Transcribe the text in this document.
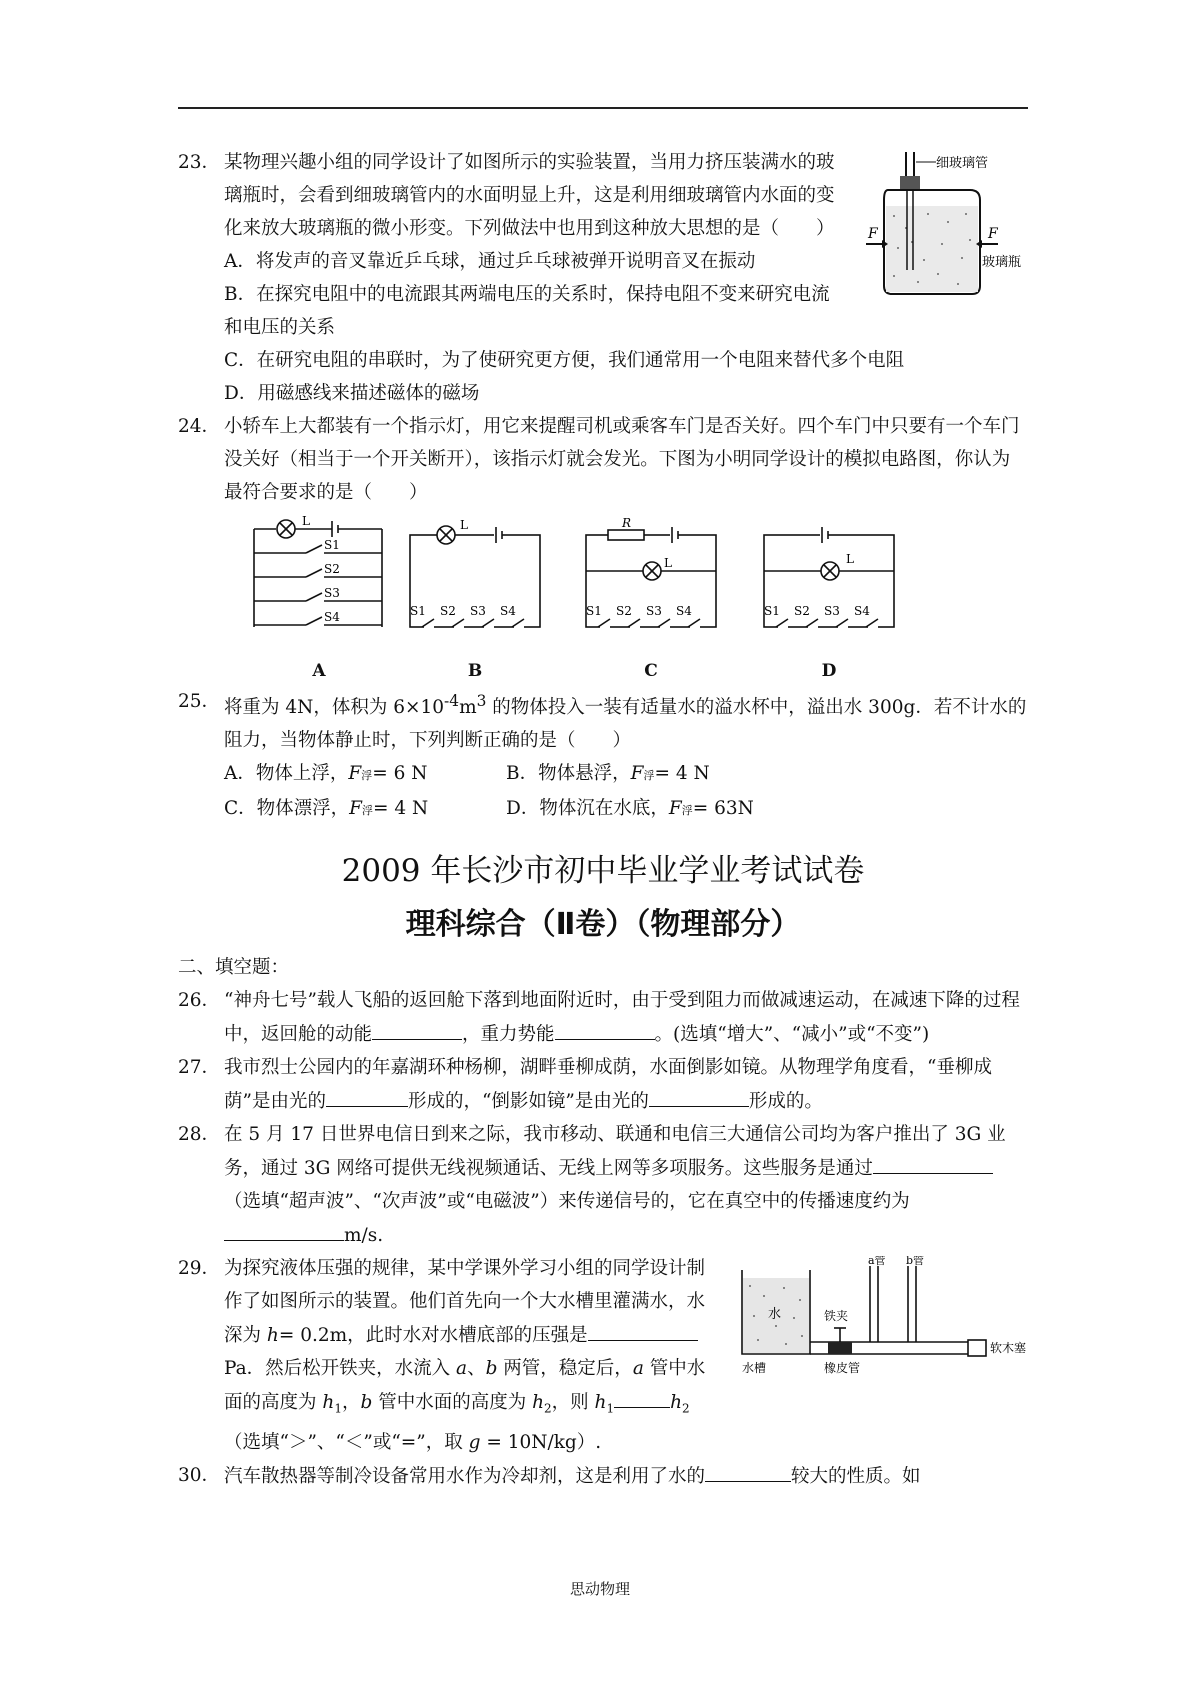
23．
F	F
细玻璃管
玻璃瓶
某物理兴趣小组的同学设计了如图所示的实验装置，当用力挤压装满水的玻璃瓶时，会看到细玻璃管内的水面明显上升，这是利用细玻璃管内水面的变化来放大玻璃瓶的微小形变。下列做法中也用到这种放大思想的是（　　）
A．将发声的音叉靠近乒乓球，通过乒乓球被弹开说明音叉在振动
B．在探究电阻中的电流跟其两端电压的关系时，保持电阻不变来研究电流和电压的关系
C．在研究电阻的串联时，为了使研究更方便，我们通常用一个电阻来替代多个电阻
D．用磁感线来描述磁体的磁场
24． 小轿车上大都装有一个指示灯，用它来提醒司机或乘客车门是否关好。四个车门中只要有一个车门没关好（相当于一个开关断开），该指示灯就会发光。下图为小明同学设计的模拟电路图，你认为最符合要求的是（　　）
L
S1
S2
S3
S4
A
L
S1 S2 S3 S4
B
R
L
S1 S2 S3 S4
C
L
S1 S2 S3 S4
D
25． 将重为 4N，体积为 $6\times 10^{-4}m^3$ 的物体投入一装有适量水的溢水杯中，溢出水 300g．若不计水的阻力，当物体静止时，下列判断正确的是（　　）
A．物体上浮，F浮= 6 N	B．物体悬浮，F浮= 4 N
C．物体漂浮，F浮= 4 N	D．物体沉在水底，F浮= 63N
2009 年长沙市初中毕业学业考试试卷
理科综合（Ⅱ卷）（物理部分）
二、填空题：
26． “神舟七号”载人飞船的返回舱下落到地面附近时，由于受到阻力而做减速运动，在减速下降的过程中，返回舱的动能	，重力势能	。(选填“增大”、“减小”或“不变”)
27． 我市烈士公园内的年嘉湖环种杨柳，湖畔垂柳成荫，水面倒影如镜。从物理学角度看，“垂柳成荫”是由光的	形成的，“倒影如镜”是由光的	形成的。
28． 在 5 月 17 日世界电信日到来之际，我市移动、联通和电信三大通信公司均为客户推出了 3G 业务，通过 3G 网络可提供无线视频通话、无线上网等多项服务。这些服务是通过（选填“超声波”、“次声波”或“电磁波”）来传递信号的，它在真空中的传播速度约为m/s.
29．
水
a管 b管
铁夹
水槽	橡皮管
软木塞
为探究液体压强的规律，某中学课外学习小组的同学设计制作了如图所示的装置。他们首先向一个大水槽里灌满水，水深为 h= 0.2m，此时水对水槽底部的压强是Pa．然后松开铁夹，水流入 a、b 两管，稳定后，a 管中水面的高度为 $h_1$，b 管中水面的高度为 $h_2$，则 $h_1$	$h_2$（选填“＞”、“＜”或“=”，取 g = 10N/kg）.
30． 汽车散热器等制冷设备常用水作为冷却剂，这是利用了水的	较大的性质。如
思动物理
